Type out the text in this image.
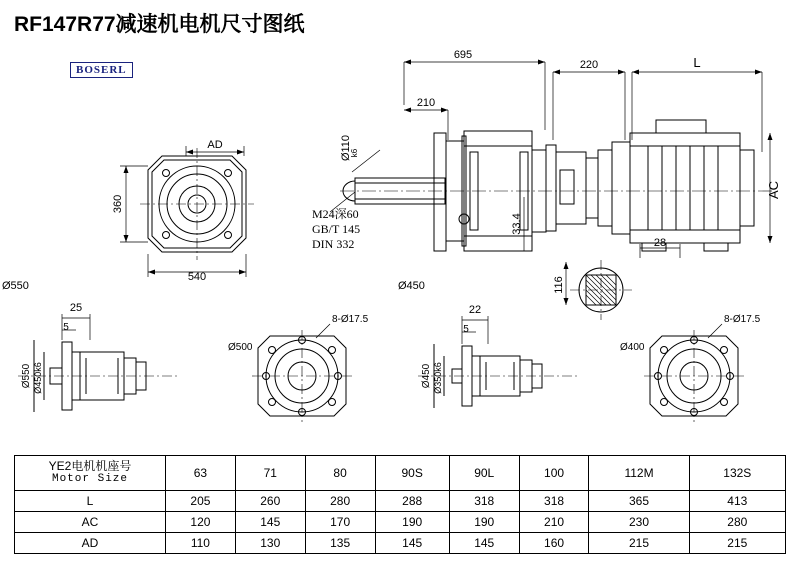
RF147R77减速机电机尺寸图纸
BOSERL
695
220	L
210
AD
540
360
AC
Ø110
k6
33.4
116
Ø550 Ø450k6	Ø450 Ø350k6
28
Ø550	Ø450
25
5
22
5
8-Ø17.5	8-Ø17.5
Ø500	Ø400
M24深60
GB/T 145
DIN 332
YE2电机机座号
Motor Size	63	71	80	90S	90L	100	112M	132S
L	205	260	280	288	318	318	365	413
AC	120	145	170	190	190	210	230	280
AD	110	130	135	145	145	160	215	215
